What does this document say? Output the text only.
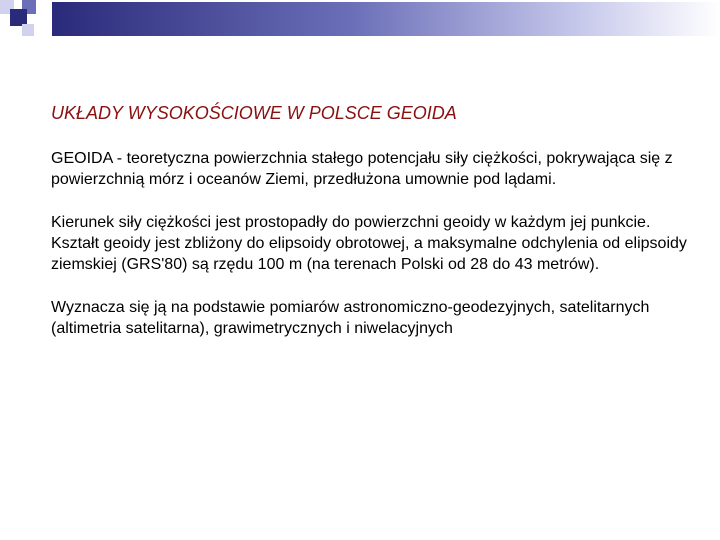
UKŁADY WYSOKOŚCIOWE W POLSCE GEOIDA

GEOIDA - teoretyczna powierzchnia stałego potencjału siły ciężkości, pokrywająca się z powierzchnią mórz i oceanów Ziemi, przedłużona umownie pod lądami.

Kierunek siły ciężkości jest prostopadły do powierzchni geoidy w każdym jej punkcie. Kształt geoidy jest zbliżony do elipsoidy obrotowej, a maksymalne odchylenia od elipsoidy ziemskiej (GRS'80) są rzędu 100 m (na terenach Polski od 28 do 43 metrów).

Wyznacza się ją na podstawie pomiarów astronomiczno-geodezyjnych, satelitarnych (altimetria satelitarna), grawimetrycznych i niwelacyjnych
